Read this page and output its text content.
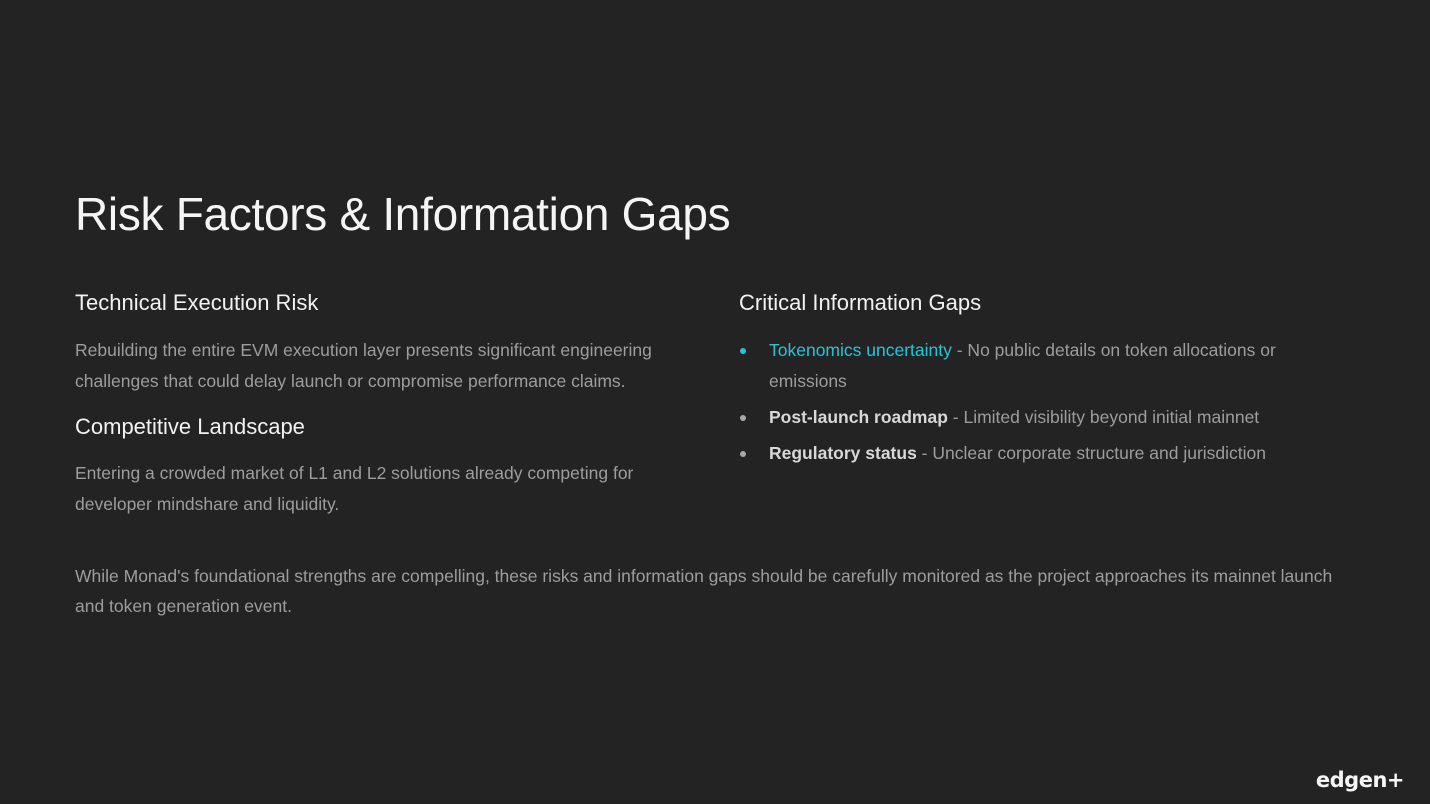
Risk Factors & Information Gaps
Technical Execution Risk

Rebuilding the entire EVM execution layer presents significant engineering challenges that could delay launch or compromise performance claims.

Competitive Landscape

Entering a crowded market of L1 and L2 solutions already competing for developer mindshare and liquidity.

Critical Information Gaps
Tokenomics uncertainty - No public details on token allocations or emissions
Post-launch roadmap - Limited visibility beyond initial mainnet
Regulatory status - Unclear corporate structure and jurisdiction

While Monad's foundational strengths are compelling, these risks and information gaps should be carefully monitored as the project approaches its mainnet launch and token generation event.

edgen+
